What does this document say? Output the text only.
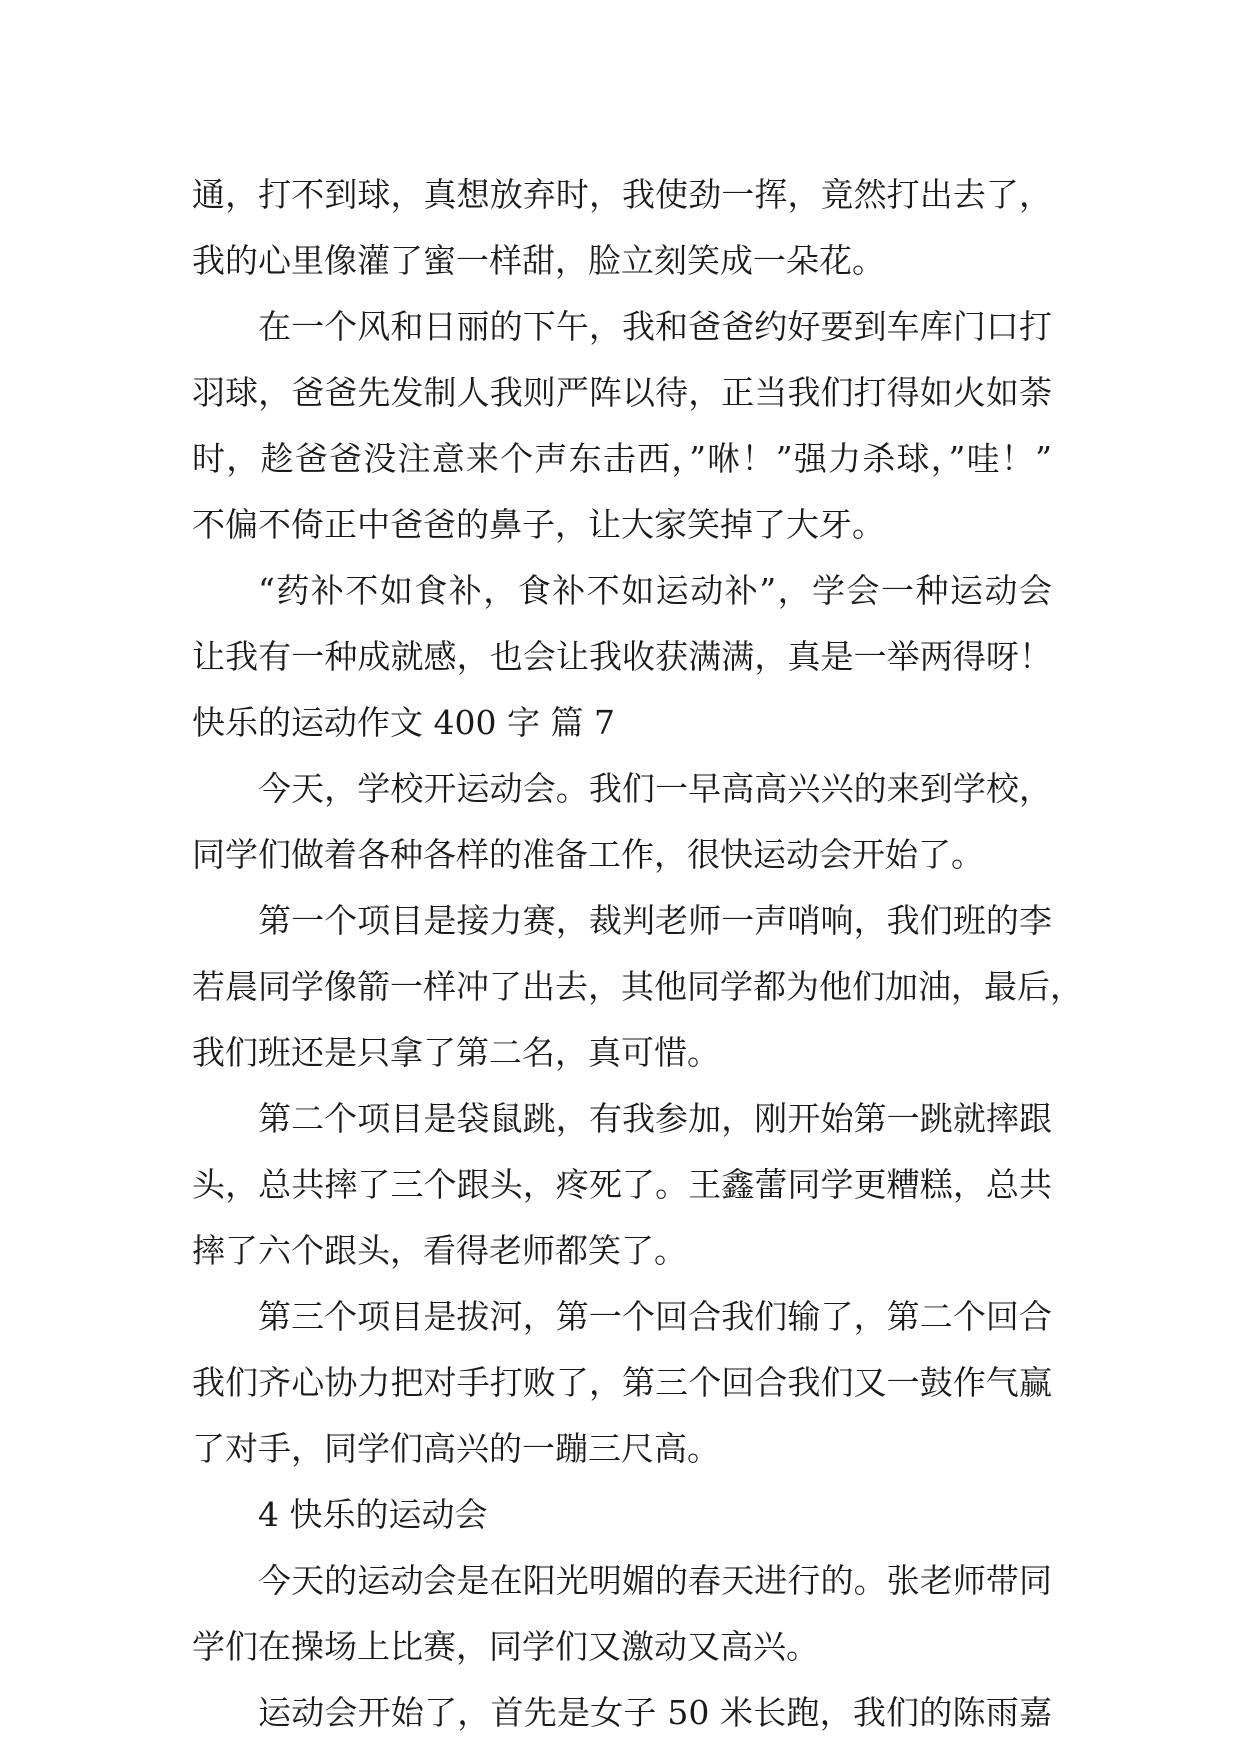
通，打不到球，真想放弃时，我使劲一挥，竟然打出去了，
我的心里像灌了蜜一样甜，脸立刻笑成一朵花。
在一个风和日丽的下午，我和爸爸约好要到车库门口打
羽球，爸爸先发制人我则严阵以待，正当我们打得如火如荼
时，趁爸爸没注意来个声东击西，”咻！”强力杀球，”哇！”
不偏不倚正中爸爸的鼻子，让大家笑掉了大牙。
“药补不如食补，食补不如运动补”，学会一种运动会
让我有一种成就感，也会让我收获满满，真是一举两得呀！
快乐的运动作文 400 字 篇 7
今天，学校开运动会。我们一早高高兴兴的来到学校，
同学们做着各种各样的准备工作，很快运动会开始了。
第一个项目是接力赛，裁判老师一声哨响，我们班的李
若晨同学像箭一样冲了出去，其他同学都为他们加油，最后，
我们班还是只拿了第二名，真可惜。
第二个项目是袋鼠跳，有我参加，刚开始第一跳就摔跟
头，总共摔了三个跟头，疼死了。王鑫蕾同学更糟糕，总共
摔了六个跟头，看得老师都笑了。
第三个项目是拔河，第一个回合我们输了，第二个回合
我们齐心协力把对手打败了，第三个回合我们又一鼓作气赢
了对手，同学们高兴的一蹦三尺高。
4 快乐的运动会
今天的运动会是在阳光明媚的春天进行的。张老师带同
学们在操场上比赛，同学们又激动又高兴。
运动会开始了，首先是女子 50 米长跑，我们的陈雨嘉
